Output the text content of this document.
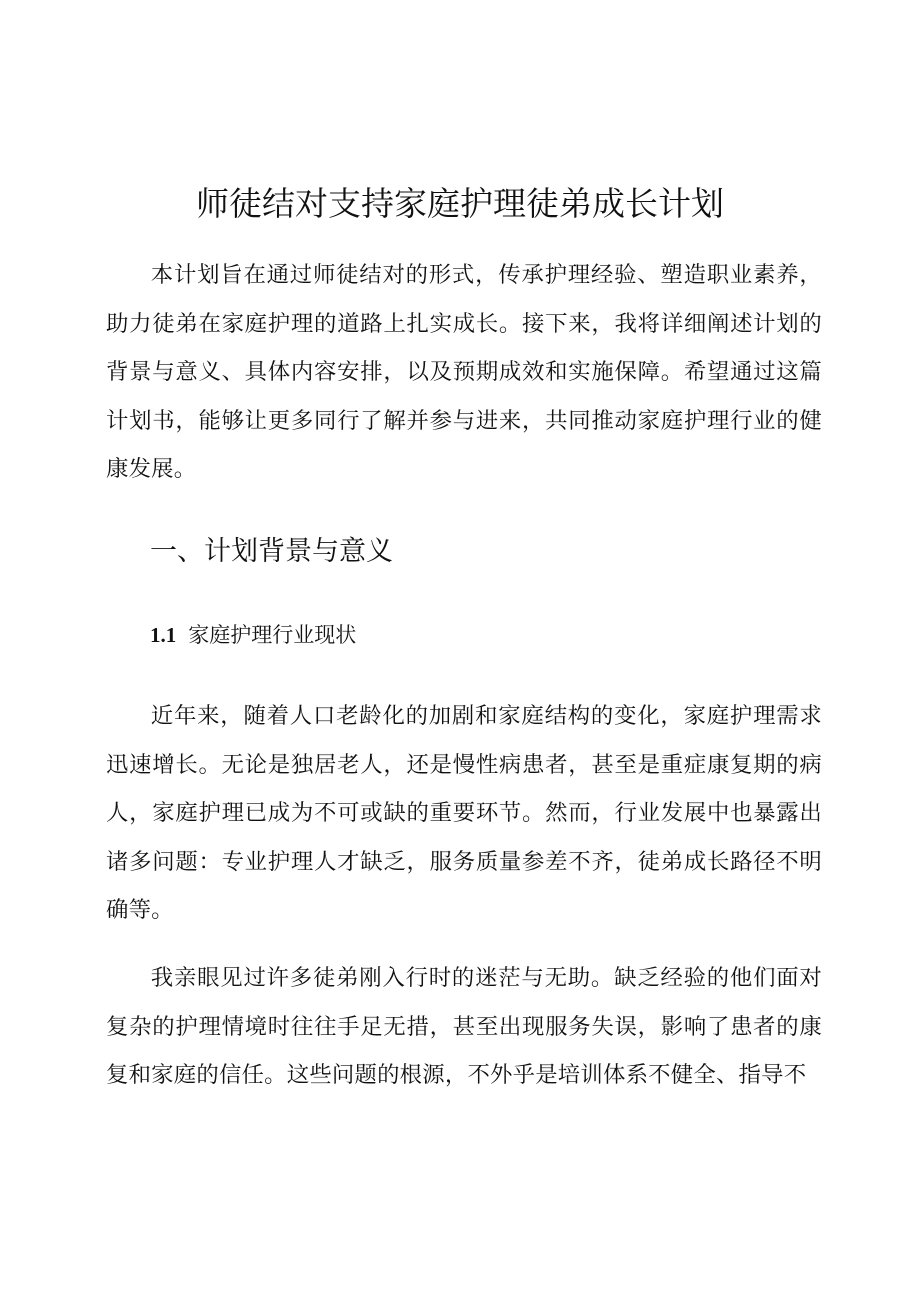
师徒结对支持家庭护理徒弟成长计划

本计划旨在通过师徒结对的形式，传承护理经验、塑造职业素养，助力徒弟在家庭护理的道路上扎实成长。接下来，我将详细阐述计划的背景与意义、具体内容安排，以及预期成效和实施保障。希望通过这篇计划书，能够让更多同行了解并参与进来，共同推动家庭护理行业的健康发展。

一、计划背景与意义
1.1 家庭护理行业现状

近年来，随着人口老龄化的加剧和家庭结构的变化，家庭护理需求迅速增长。无论是独居老人，还是慢性病患者，甚至是重症康复期的病人，家庭护理已成为不可或缺的重要环节。然而，行业发展中也暴露出诸多问题：专业护理人才缺乏，服务质量参差不齐，徒弟成长路径不明确等。

我亲眼见过许多徒弟刚入行时的迷茫与无助。缺乏经验的他们面对复杂的护理情境时往往手足无措，甚至出现服务失误，影响了患者的康复和家庭的信任。这些问题的根源，不外乎是培训体系不健全、指导不
